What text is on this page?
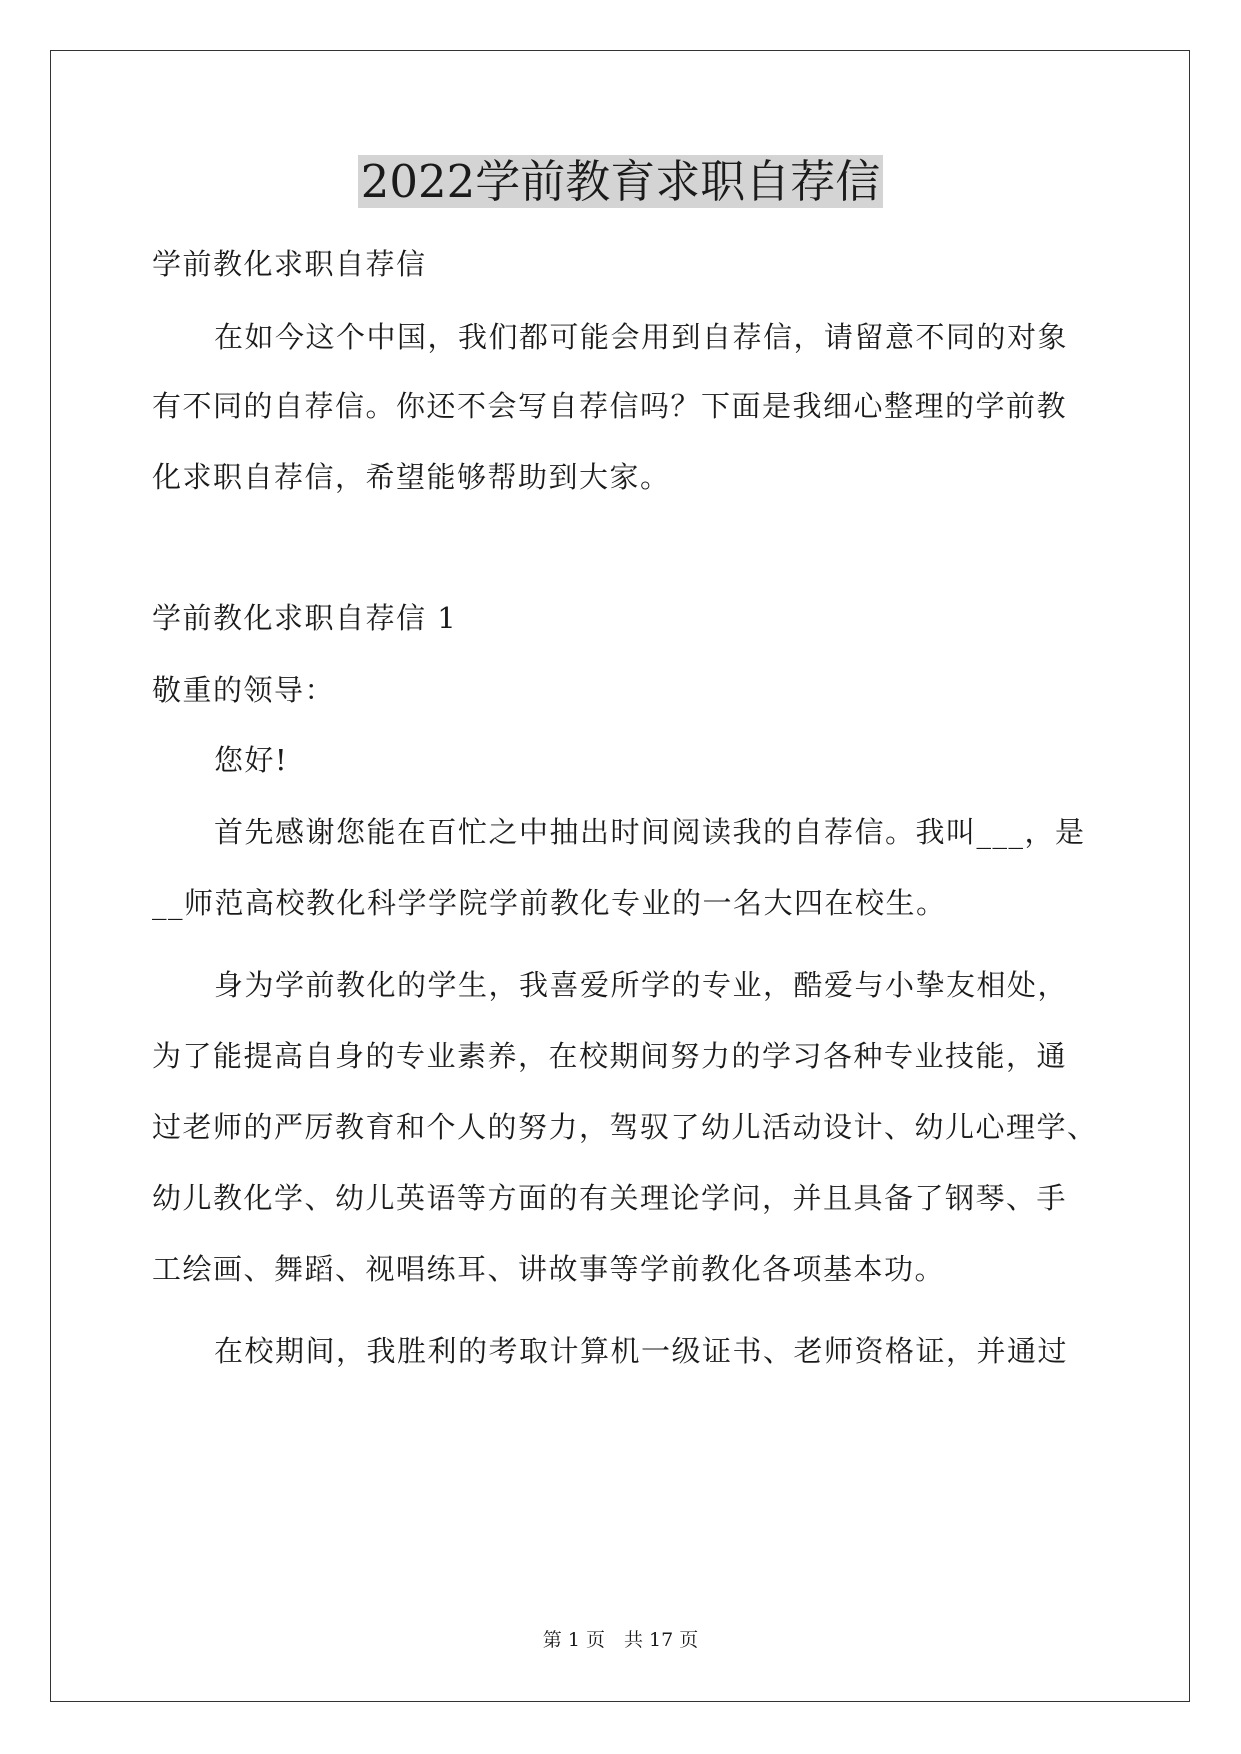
2022学前教育求职自荐信

学前教化求职自荐信

在如今这个中国，我们都可能会用到自荐信，请留意不同的对象

有不同的自荐信。你还不会写自荐信吗？下面是我细心整理的学前教

化求职自荐信，希望能够帮助到大家。

学前教化求职自荐信 1

敬重的领导：

您好!

首先感谢您能在百忙之中抽出时间阅读我的自荐信。我叫___，是

__师范高校教化科学学院学前教化专业的一名大四在校生。

身为学前教化的学生，我喜爱所学的专业，酷爱与小挚友相处，

为了能提高自身的专业素养，在校期间努力的学习各种专业技能，通

过老师的严厉教育和个人的努力，驾驭了幼儿活动设计、幼儿心理学、

幼儿教化学、幼儿英语等方面的有关理论学问，并且具备了钢琴、手

工绘画、舞蹈、视唱练耳、讲故事等学前教化各项基本功。

在校期间，我胜利的考取计算机一级证书、老师资格证，并通过

第 1 页　共 17 页
